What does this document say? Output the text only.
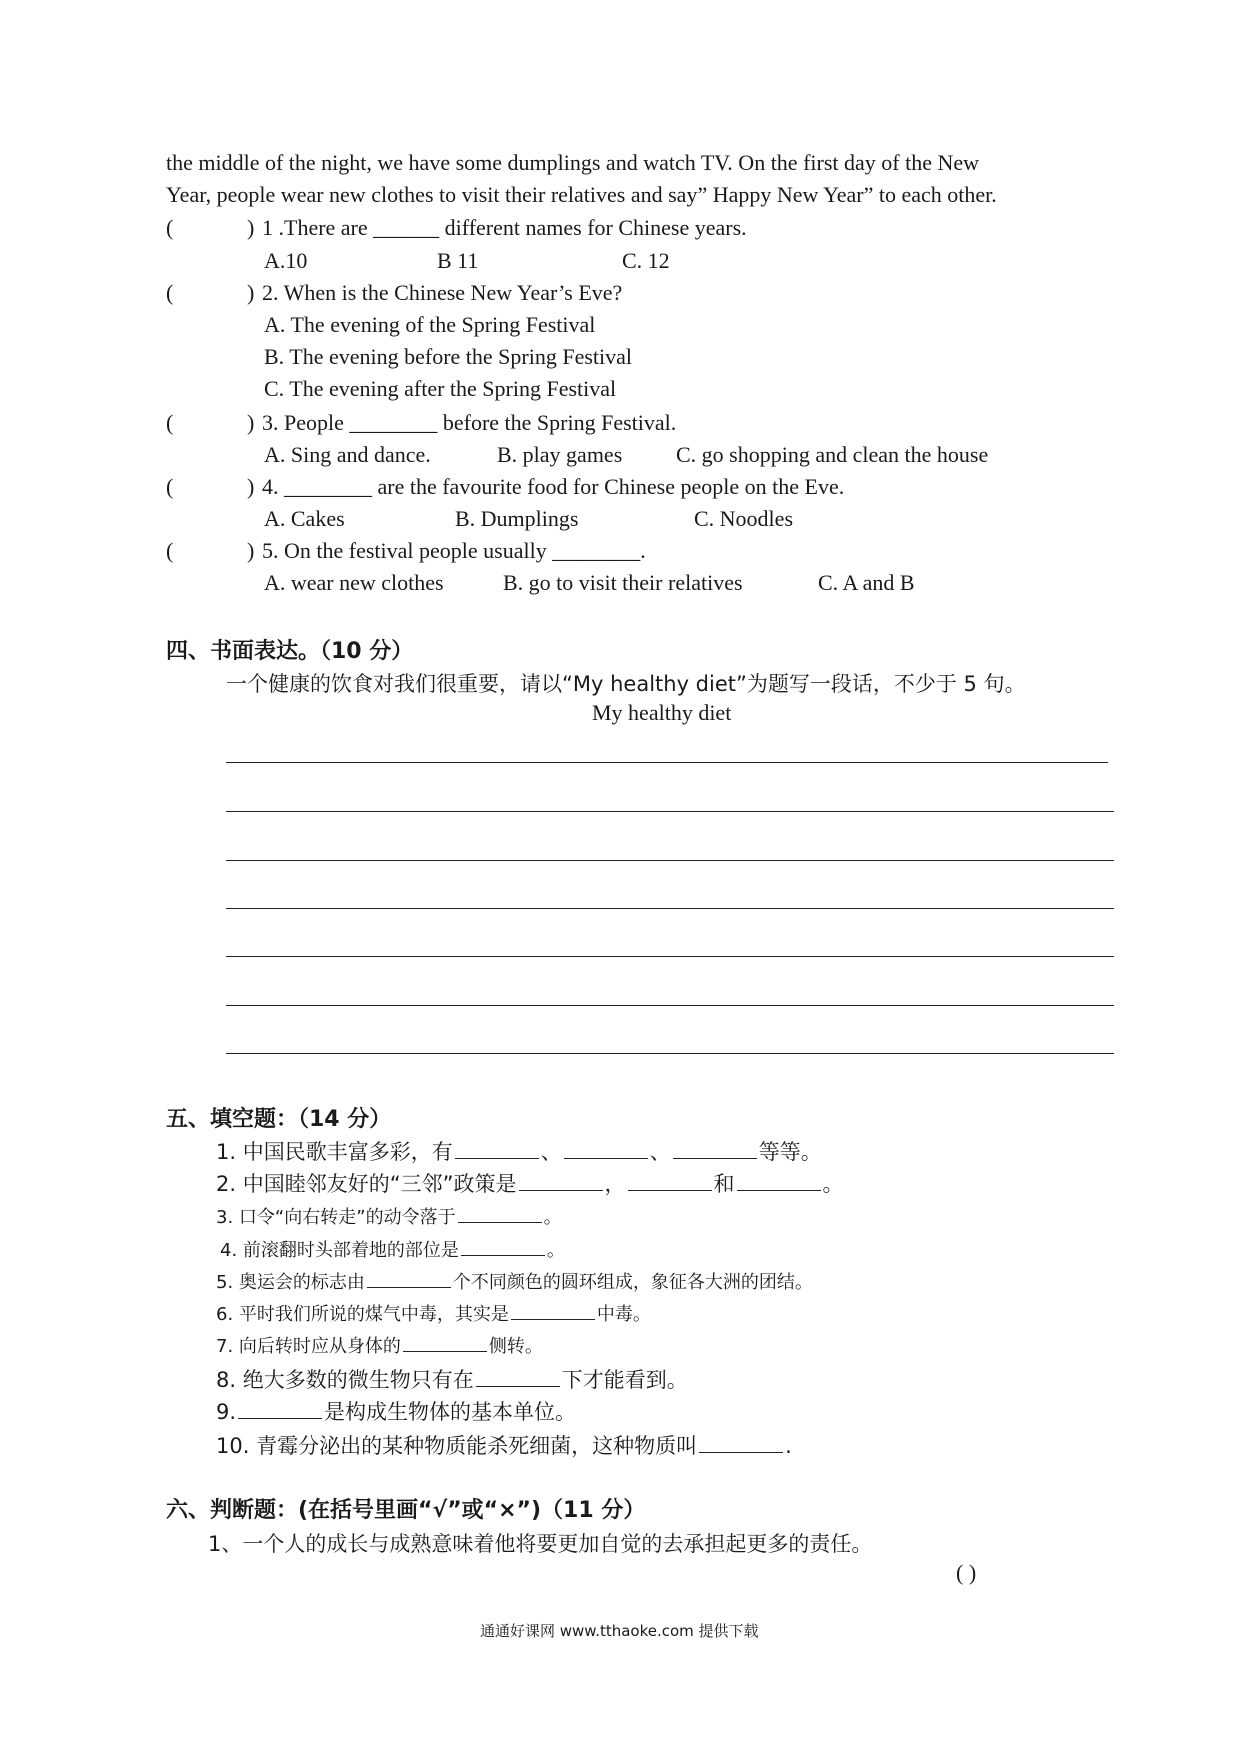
the middle of the night, we have some dumplings and watch TV. On the first day of the New
Year, people wear new clothes to visit their relatives and say” Happy New Year” to each other.
(	) 1 .There are ______ different names for Chinese years.
A.10	B 11	C. 12
(	) 2. When is the Chinese New Year’s Eve?
A. The evening of the Spring Festival
B. The evening before the Spring Festival
C. The evening after the Spring Festival
(	) 3. People ________ before the Spring Festival.
A. Sing and dance.	B. play games C. go shopping and clean the house
(	) 4. ________ are the favourite food for Chinese people on the Eve.
A. Cakes	B. Dumplings	C. Noodles
(	) 5. On the festival people usually ________.
A. wear new clothes	B. go to visit their relatives	C. A and B
四、书面表达。（10 分）
一个健康的饮食对我们很重要，请以“My healthy diet”为题写一段话，不少于 5 句。
My healthy diet
五、填空题：（14 分）
1. 中国民歌丰富多彩，有	、	、	等等。
2. 中国睦邻友好的“三邻”政策是	，	和	。
3. 口令“向右转走”的动令落于	。
4. 前滚翻时头部着地的部位是	。
5. 奥运会的标志由	个不同颜色的圆环组成，象征各大洲的团结。
6. 平时我们所说的煤气中毒，其实是	中毒。
7. 向后转时应从身体的	侧转。
8. 绝大多数的微生物只有在	下才能看到。
9.	是构成生物体的基本单位。
10. 青霉分泌出的某种物质能杀死细菌，这种物质叫	.
六、判断题：(在括号里画“√”或“×”)（11 分）
1、一个人的成长与成熟意味着他将要更加自觉的去承担起更多的责任。
( )
通通好课网 www.tthaoke.com 提供下载
